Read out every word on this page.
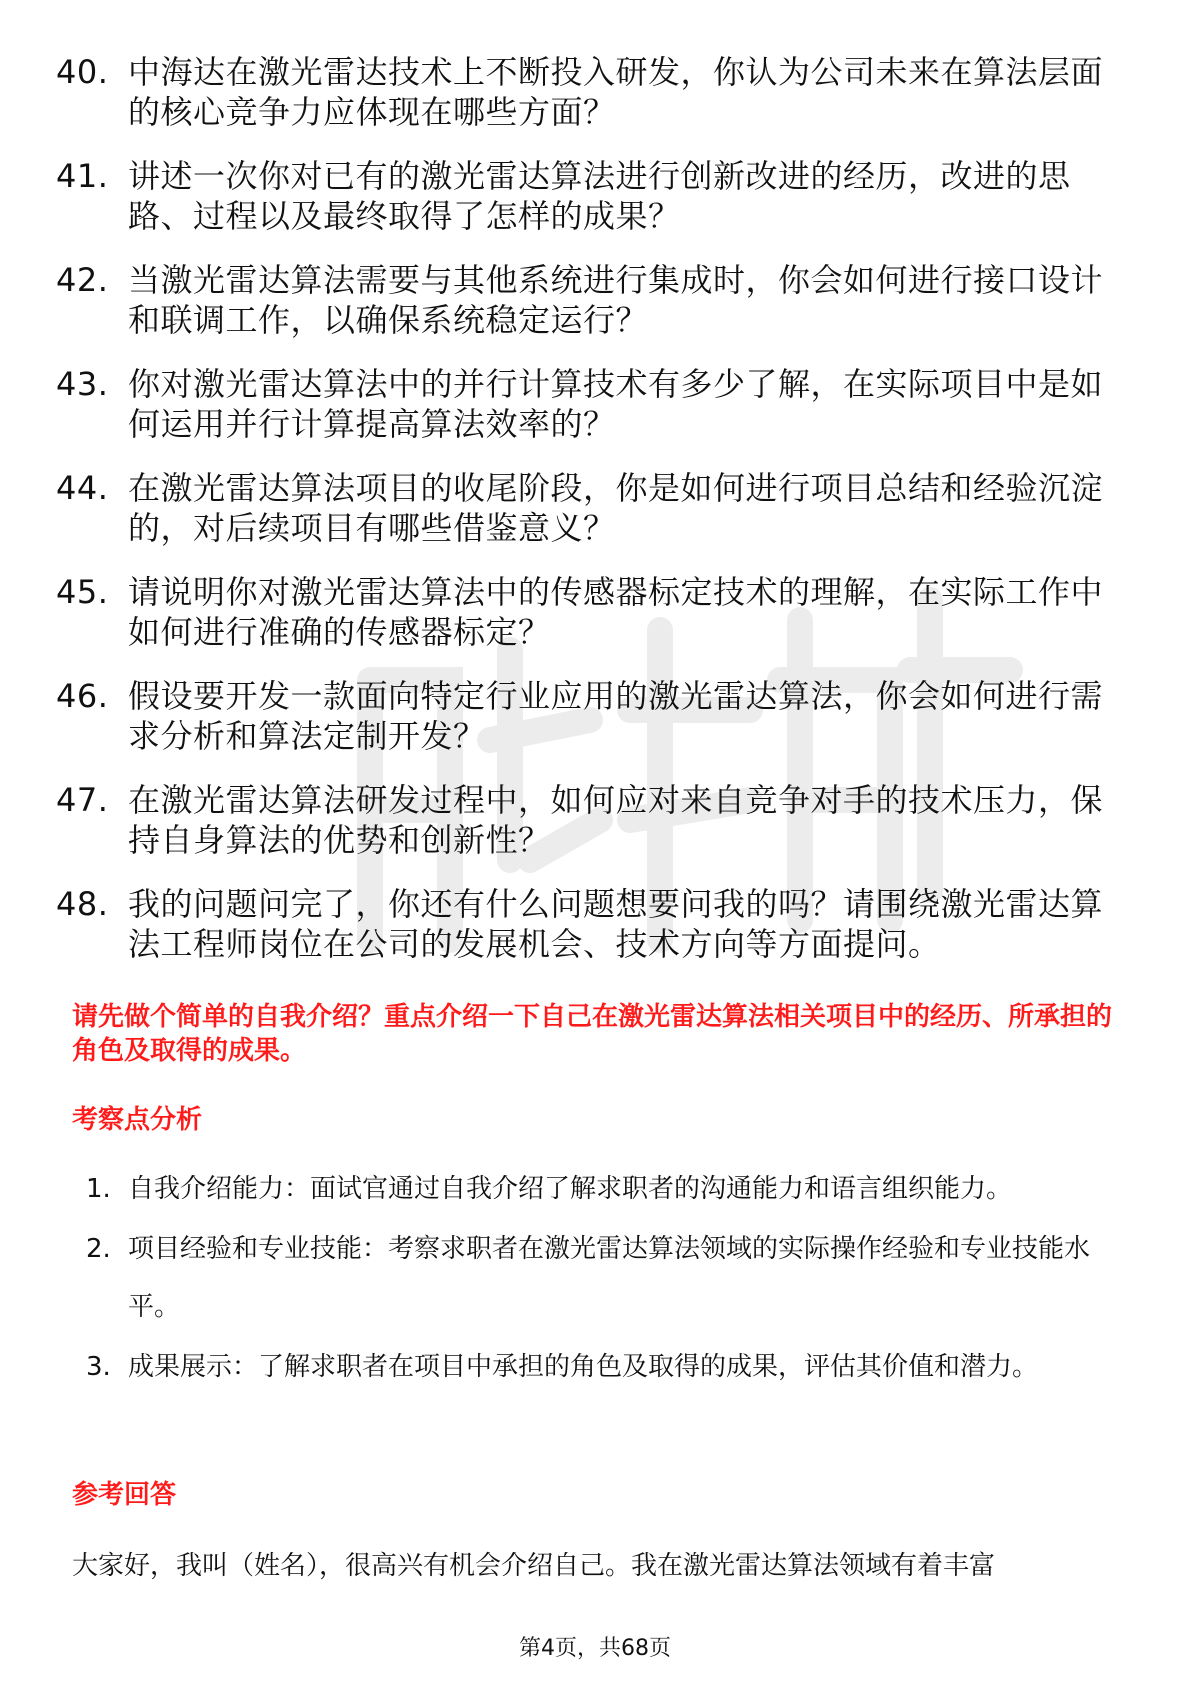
40. 中海达在激光雷达技术上不断投入研发，你认为公司未来在算法层面的核心竞争力应体现在哪些方面？
41. 讲述一次你对已有的激光雷达算法进行创新改进的经历，改进的思路、过程以及最终取得了怎样的成果？
42. 当激光雷达算法需要与其他系统进行集成时，你会如何进行接口设计和联调工作，以确保系统稳定运行？
43. 你对激光雷达算法中的并行计算技术有多少了解，在实际项目中是如何运用并行计算提高算法效率的？
44. 在激光雷达算法项目的收尾阶段，你是如何进行项目总结和经验沉淀的，对后续项目有哪些借鉴意义？
45. 请说明你对激光雷达算法中的传感器标定技术的理解，在实际工作中如何进行准确的传感器标定？
46. 假设要开发一款面向特定行业应用的激光雷达算法，你会如何进行需求分析和算法定制开发？
47. 在激光雷达算法研发过程中，如何应对来自竞争对手的技术压力，保持自身算法的优势和创新性？
48. 我的问题问完了，你还有什么问题想要问我的吗？请围绕激光雷达算法工程师岗位在公司的发展机会、技术方向等方面提问。

请先做个简单的自我介绍？重点介绍一下自己在激光雷达算法相关项目中的经历、所承担的角色及取得的成果。

考察点分析
1. 自我介绍能力：面试官通过自我介绍了解求职者的沟通能力和语言组织能力。
2. 项目经验和专业技能：考察求职者在激光雷达算法领域的实际操作经验和专业技能水平。
3. 成果展示：了解求职者在项目中承担的角色及取得的成果，评估其价值和潜力。
参考回答

大家好，我叫（姓名），很高兴有机会介绍自己。我在激光雷达算法领域有着丰富

第4页，共68页
